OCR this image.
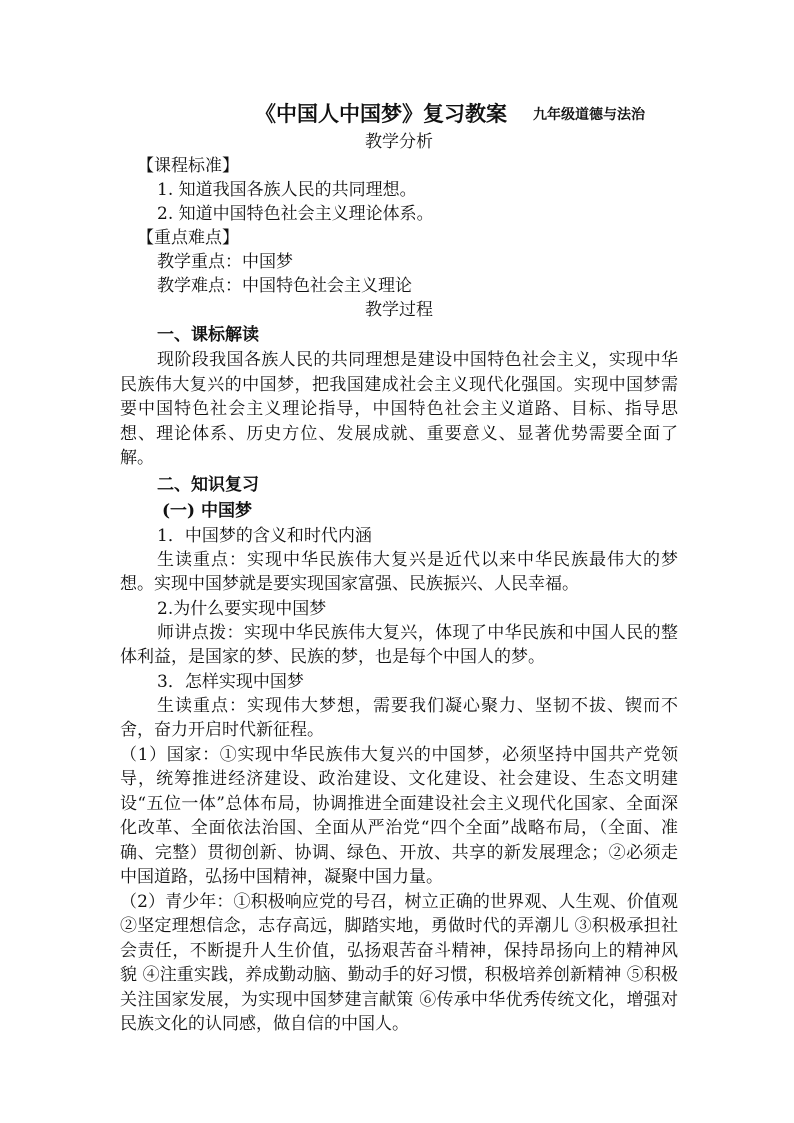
《中国人中国梦》复习教案 九年级道德与法治
教学分析
【课程标准】
1. 知道我国各族人民的共同理想。
2. 知道中国特色社会主义理论体系。
【重点难点】
教学重点：中国梦
教学难点：中国特色社会主义理论
教学过程
一、课标解读

现阶段我国各族人民的共同理想是建设中国特色社会主义，实现中华民族伟大复兴的中国梦，把我国建成社会主义现代化强国。实现中国梦需要中国特色社会主义理论指导，中国特色社会主义道路、目标、指导思想、理论体系、历史方位、发展成就、重要意义、显著优势需要全面了解。

二、知识复习
(一) 中国梦
1．中国梦的含义和时代内涵

生读重点：实现中华民族伟大复兴是近代以来中华民族最伟大的梦想。实现中国梦就是要实现国家富强、民族振兴、人民幸福。

2.为什么要实现中国梦

师讲点拨：实现中华民族伟大复兴，体现了中华民族和中国人民的整体利益，是国家的梦、民族的梦，也是每个中国人的梦。

3．怎样实现中国梦

生读重点：实现伟大梦想，需要我们凝心聚力、坚韧不拔、锲而不舍，奋力开启时代新征程。

（1）国家：①实现中华民族伟大复兴的中国梦，必须坚持中国共产党领导，统筹推进经济建设、政治建设、文化建设、社会建设、生态文明建设“五位一体”总体布局，协调推进全面建设社会主义现代化国家、全面深化改革、全面依法治国、全面从严治党“四个全面”战略布局，（全面、准确、完整）贯彻创新、协调、绿色、开放、共享的新发展理念；②必须走中国道路，弘扬中国精神，凝聚中国力量。

（2）青少年：①积极响应党的号召，树立正确的世界观、人生观、价值观 ②坚定理想信念，志存高远，脚踏实地，勇做时代的弄潮儿 ③积极承担社会责任，不断提升人生价值，弘扬艰苦奋斗精神，保持昂扬向上的精神风貌 ④注重实践，养成勤动脑、勤动手的好习惯，积极培养创新精神 ⑤积极关注国家发展，为实现中国梦建言献策 ⑥传承中华优秀传统文化，增强对民族文化的认同感，做自信的中国人。
